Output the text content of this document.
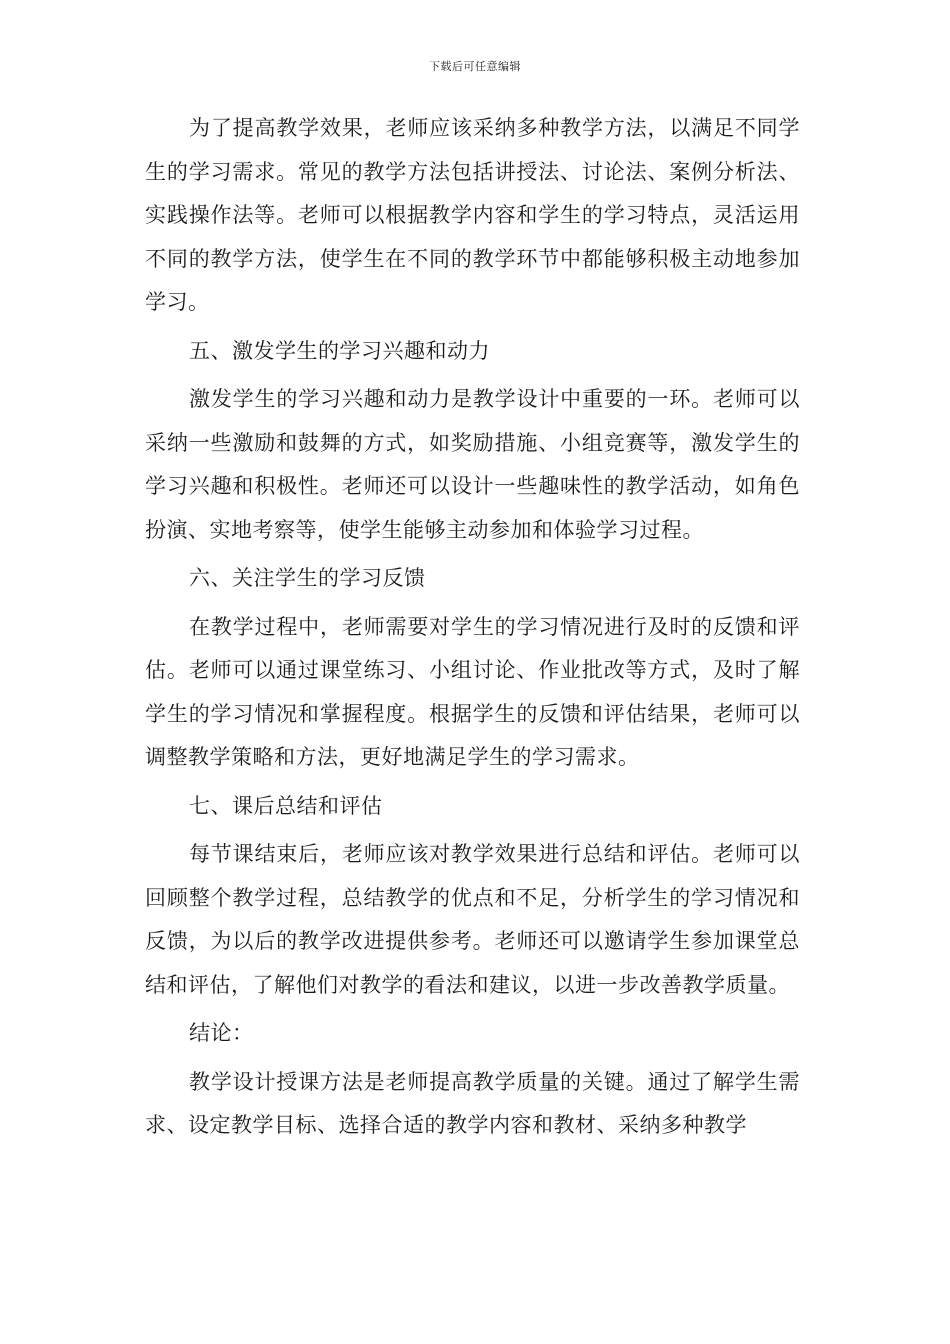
下载后可任意编辑

为了提高教学效果，老师应该采纳多种教学方法，以满足不同学生的学习需求。常见的教学方法包括讲授法、讨论法、案例分析法、实践操作法等。老师可以根据教学内容和学生的学习特点，灵活运用不同的教学方法，使学生在不同的教学环节中都能够积极主动地参加学习。

五、激发学生的学习兴趣和动力

激发学生的学习兴趣和动力是教学设计中重要的一环。老师可以采纳一些激励和鼓舞的方式，如奖励措施、小组竞赛等，激发学生的学习兴趣和积极性。老师还可以设计一些趣味性的教学活动，如角色扮演、实地考察等，使学生能够主动参加和体验学习过程。

六、关注学生的学习反馈

在教学过程中，老师需要对学生的学习情况进行及时的反馈和评估。老师可以通过课堂练习、小组讨论、作业批改等方式，及时了解学生的学习情况和掌握程度。根据学生的反馈和评估结果，老师可以调整教学策略和方法，更好地满足学生的学习需求。

七、课后总结和评估

每节课结束后，老师应该对教学效果进行总结和评估。老师可以回顾整个教学过程，总结教学的优点和不足，分析学生的学习情况和反馈，为以后的教学改进提供参考。老师还可以邀请学生参加课堂总结和评估，了解他们对教学的看法和建议，以进一步改善教学质量。

结论：

教学设计授课方法是老师提高教学质量的关键。通过了解学生需求、设定教学目标、选择合适的教学内容和教材、采纳多种教学
